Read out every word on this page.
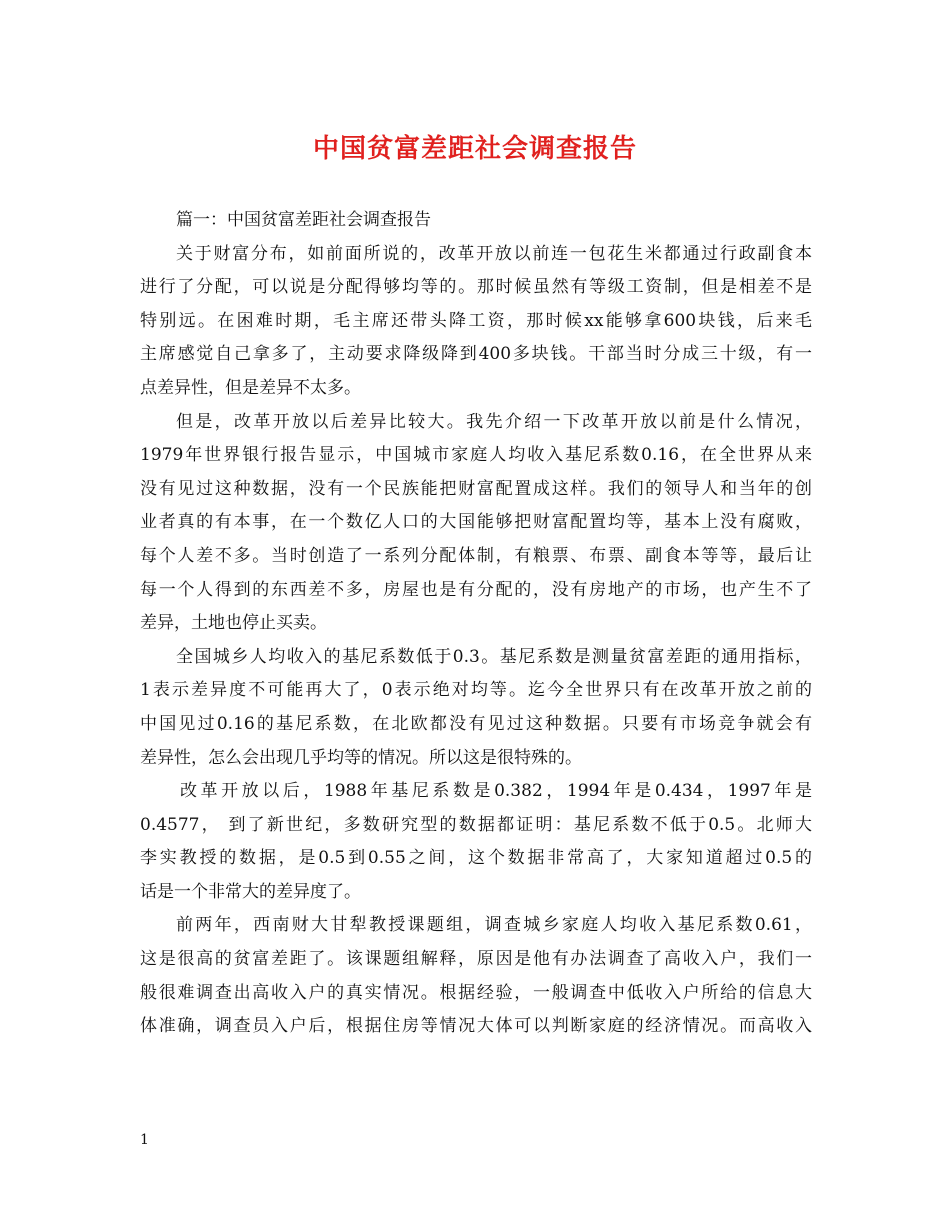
中国贫富差距社会调查报告
篇一：中国贫富差距社会调查报告
关于财富分布，如前面所说的，改革开放以前连一包花生米都通过行政副食本
进行了分配，可以说是分配得够均等的。那时候虽然有等级工资制，但是相差不是
特别远。在困难时期，毛主席还带头降工资，那时候xx能够拿600块钱，后来毛
主席感觉自己拿多了，主动要求降级降到400多块钱。干部当时分成三十级，有一
点差异性，但是差异不太多。
但是，改革开放以后差异比较大。我先介绍一下改革开放以前是什么情况，
1979年世界银行报告显示，中国城市家庭人均收入基尼系数0.16，在全世界从来
没有见过这种数据，没有一个民族能把财富配置成这样。我们的领导人和当年的创
业者真的有本事，在一个数亿人口的大国能够把财富配置均等，基本上没有腐败，
每个人差不多。当时创造了一系列分配体制，有粮票、布票、副食本等等，最后让
每一个人得到的东西差不多，房屋也是有分配的，没有房地产的市场，也产生不了
差异，土地也停止买卖。
全国城乡人均收入的基尼系数低于0.3。基尼系数是测量贫富差距的通用指标，
1表示差异度不可能再大了，0表示绝对均等。迄今全世界只有在改革开放之前的
中国见过0.16的基尼系数，在北欧都没有见过这种数据。只要有市场竞争就会有
差异性，怎么会出现几乎均等的情况。所以这是很特殊的。
改革开放以后，1988年基尼系数是0.382，1994年是0.434，1997年是
0.4577， 到了新世纪，多数研究型的数据都证明：基尼系数不低于0.5。北师大
李实教授的数据，是0.5到0.55之间，这个数据非常高了，大家知道超过0.5的
话是一个非常大的差异度了。
前两年，西南财大甘犁教授课题组，调查城乡家庭人均收入基尼系数0.61，
这是很高的贫富差距了。该课题组解释，原因是他有办法调查了高收入户，我们一
般很难调查出高收入户的真实情况。根据经验，一般调查中低收入户所给的信息大
体准确，调查员入户后，根据住房等情况大体可以判断家庭的经济情况。而高收入
1
